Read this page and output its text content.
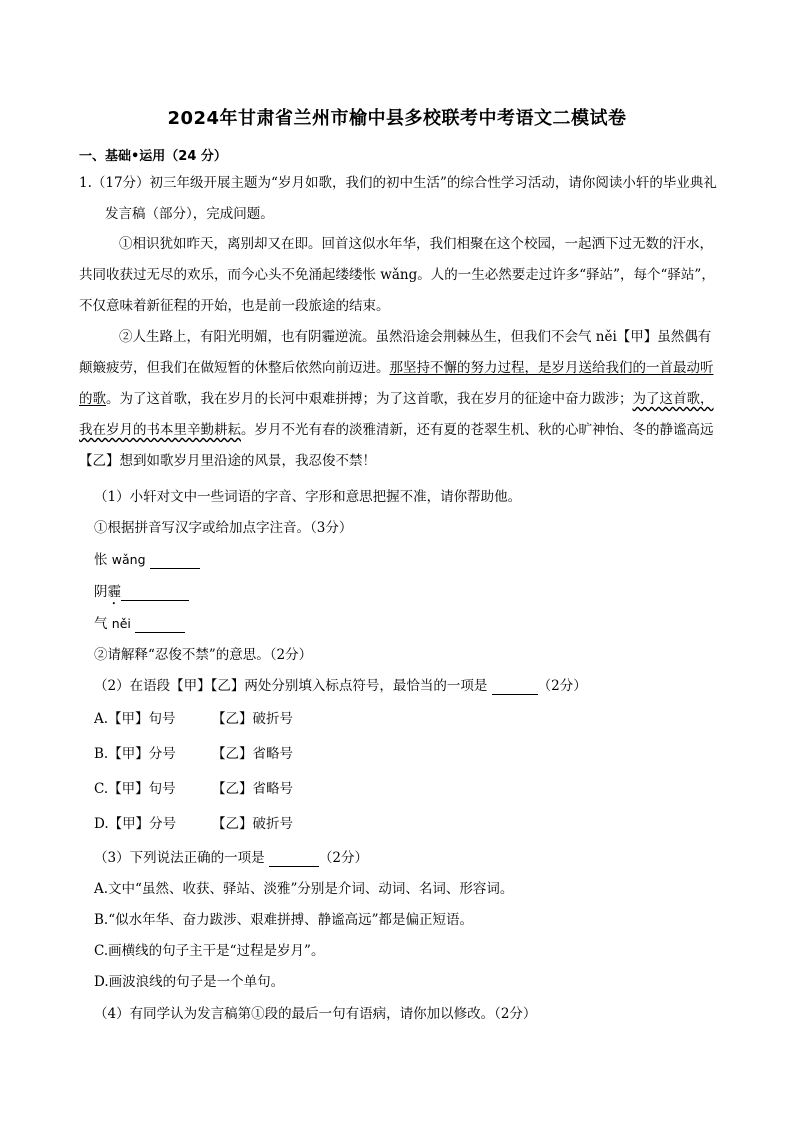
2024年甘肃省兰州市榆中县多校联考中考语文二模试卷
一、基础•运用（24 分）

1.（17分）初三年级开展主题为“岁月如歌，我们的初中生活”的综合性学习活动，请你阅读小轩的毕业典礼发言稿（部分），完成问题。

①相识犹如昨天，离别却又在即。回首这似水年华，我们相聚在这个校园，一起洒下过无数的汗水，共同收获过无尽的欢乐，而今心头不免涌起缕缕怅 wǎng。人的一生必然要走过许多“驿站”，每个“驿站”，不仅意味着新征程的开始，也是前一段旅途的结束。

②人生路上，有阳光明媚，也有阴霾逆流。虽然沿途会荆棘丛生，但我们不会气 něi【甲】虽然偶有颠簸疲劳，但我们在做短暂的休整后依然向前迈进。那坚持不懈的努力过程，是岁月送给我们的一首最动听的歌。为了这首歌，我在岁月的长河中艰难拼搏；为了这首歌，我在岁月的征途中奋力跋涉；为了这首歌，我在岁月的书本里辛勤耕耘。岁月不光有春的淡雅清新，还有夏的苍翠生机、秋的心旷神怡、冬的静谧高远【乙】想到如歌岁月里沿途的风景，我忍俊不禁！

（1）小轩对文中一些词语的字音、字形和意思把握不准，请你帮助他。
①根据拼音写汉字或给加点字注音。（3分）
怅 wǎng
阴霾
气 něi
②请解释“忍俊不禁”的意思。（2分）
（2）在语段【甲】【乙】两处分别填入标点符号，最恰当的一项是	（2分）
A.【甲】句号	【乙】破折号
B.【甲】分号	【乙】省略号
C.【甲】句号	【乙】省略号
D.【甲】分号	【乙】破折号
（3）下列说法正确的一项是	（2分）
A.文中“虽然、收获、驿站、淡雅”分别是介词、动词、名词、形容词。
B.“似水年华、奋力跋涉、艰难拼搏、静谧高远”都是偏正短语。
C.画横线的句子主干是“过程是岁月”。
D.画波浪线的句子是一个单句。
（4）有同学认为发言稿第①段的最后一句有语病，请你加以修改。（2分）
